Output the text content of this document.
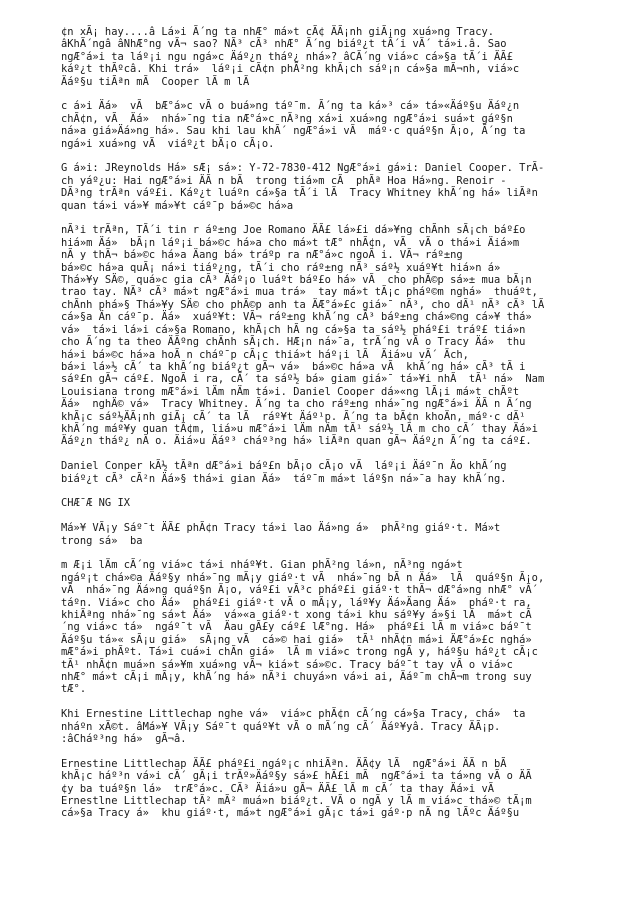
¢n xÃ¡ hay....â Lá»i Ã´ng ta nhÆ° má»t cÃ¢ ÄÃ¡nh giÃ¡ng xuá»ng Tracy.
âKhÃ´ngâ âNhÆ°ng vÃ¬ sao? NÃ³ cÃ³ nhÆ° Ã´ng biáº¿t tÃ´i vÃ´ tá»i.â. Sao
ngÆ°á»i ta láº¡i ngu ngá»c Äáº¿n tháº¿ nhá»? âCÃ´ng viá»c cá»§a tÃ´i ÄÃ£
káº¿t thÃºcâ. Khi trá»  láº¡i cÃ¢n phÃ²ng khÃ¡ch sáº¡n cá»§a mÃ¬nh, viá»c
Äáº§u tiÃªn mÃ  Cooper lÃ m lÃ

c á»i Äá»  vÃ  bÆ°á»c vÃ o buá»ng táº¯m. Ã´ng ta ká»³ cá» tá»«Äáº§u Äáº¿n
chÃ¢n, vÃ  Äá»  nhá»¯ng tia nÆ°á»c nÃ³ng xá»i xuá»ng ngÆ°á»i suá»t gáº§n
ná»a giá»Äá»ng há». Sau khi lau khÃ´ ngÆ°á»i vÃ  máº·c quáº§n Ã¡o, Ã´ng ta
ngá»i xuá»ng vÃ  viáº¿t bÃ¡o cÃ¡o.

G á»i: JReynolds Há» sÆ¡ sá»: Y-72-7830-412 NgÆ°á»i gá»i: Daniel Cooper. TrÃ-
ch yáº¿u: Hai ngÆ°á»i ÄÃ n bÃ  trong tiá»m cÃ  phÃª Hoa Há»ng. Renoir -
DÃ³ng trÃªn váº£i. Káº¿t luáºn cá»§a tÃ´i lÃ  Tracy Whitney khÃ´ng há» liÃªn
quan tá»i vá»¥ má»¥t cáº¯p bá»©c há»a

nÃ³i trÃªn, TÃ´i tin r áº±ng Joe Romano ÄÃ£ lá»£i dá»¥ng chÃnh sÃ¡ch báº£o
hiá»m Äá»  bÃ¡n láº¡i bá»©c há»a cho má»t tÆ° nhÃ¢n, vÃ  vÃ o thá»i Äiá»m
nÃ y thÃ¬ bá»©c há»a Äang bá» tráºp ra nÆ°á»c ngoÃ i. VÃ¬ ráº±ng
bá»©c há»a quÃ¡ ná»i tiáº¿ng, tÃ´i cho ráº±ng nÃ³ sáº½ xuáº¥t hiá»n á»
Thá»¥y SÄ©, quá»c gia cÃ³ Äáº¡o luáºt báº£o há» vÃ  cho phÃ©p sá»± mua bÃ¡n
trao tay. NÃ³ cÃ³ má»t ngÆ°á»i mua trá»  tay má»t tÃ¡c pháº©m nghá»  thuáºt,
chÃnh phá»§ Thá»¥y SÄ© cho phÃ©p anh ta ÄÆ°á»£c giá»¯ nÃ³, cho dÃ¹ nÃ³ cÃ³ lÃ
cá»§a Än cáº¯p. Äá»  xuáº¥t: VÃ¬ ráº±ng khÃ´ng cÃ³ báº±ng chá»©ng cá»¥ thá»
vá»  tá»i lá»i cá»§a Romano, khÃ¡ch hÃ ng cá»§a ta sáº½ pháº£i tráº£ tiá»n
cho Ã´ng ta theo ÄÃºng chÃnh sÃ¡ch. HÆ¡n ná»¯a, trÃ´ng vÃ o Tracy Äá»  thu
há»i bá»©c há»a hoÃ n cháº¯p cÃ¡c thiá»t háº¡i lÃ  Äiá»u vÃ´ Ãch,
bá»i lá»½ cÃ´ ta khÃ´ng biáº¿t gÃ¬ vá»  bá»©c há»a vÃ  khÃ´ng há» cÃ³ tÃ i
sáº£n gÃ¬ cáº£. NgoÃ i ra, cÃ´ ta sáº½ bá» giam giá»¯ tá»¥i nhÃ  tÃ¹ ná»  Nam
Louisiana trong mÆ°á»i lÄm nÄm tá»i. Daniel Cooper dá»«ng lÃ¡i má»t chÃºt
Äá»  nghÄ© vá»  Tracy Whitney. Ã´ng ta cho ráº±ng nhá»¯ng ngÆ°á»i ÄÃ n Ã´ng
khÃ¡c sáº½ÄÃ¡nh giÃ¡ cÃ´ ta lÃ  ráº¥t Äáº¹p. Ã´ng ta bÃ¢n khoÄn, máº·c dÃ¹
khÃ´ng máº¥y quan tÃ¢m, liá»u mÆ°á»i lÄm nÄm tÃ¹ sáº½ lÃ m cho cÃ´ thay Äá»i
Äáº¿n tháº¿ nÃ o. Äiá»u Äáº³ cháº³ng há» liÃªn quan gÃ¬ Äáº¿n Ã´ng ta cáº£.

Daniel Conper kÃ½ tÃªn dÆ°á»i báº£n bÃ¡o cÃ¡o vÃ  láº¡i Äáº¯n Äo khÃ´ng
biáº¿t cÃ³ cÃ²n Äá»§ thá»i gian Äá»  táº¯m má»t láº§n ná»¯a hay khÃ´ng.

CHÆ¯Æ NG IX

Má»¥ VÃ¡y Sáº¯t ÄÃ£ phÃ¢n Tracy tá»i lao Äá»ng á»  phÃ²ng giáº·t. Má»t
trong sá»  ba

m Æ¡i lÄm cÃ´ng viá»c tá»i nháº¥t. Gian phÃ²ng lá»n, nÃ³ng ngá»t
ngáº¡t chá»©a Äáº§y nhá»¯ng mÃ¡y giáº·t vÃ  nhá»¯ng bÃ n Äá»  lÃ  quáº§n Ã¡o,
vÃ  nhá»¯ng Äá»ng quáº§n Ã¡o, váº£i vÃ³c pháº£i giáº·t thÃ¬ dÆ°á»ng nhÆ° vÃ´
táºn. Viá»c cho Äá»  pháº£i giáº·t vÃ o mÃ¡y, láº¥y Äá»Äang Äá»  pháº·t ra,
khiÃªng nhá»¯ng sá»t Äá»  vá»«a giáº·t xong tá»i khu sáº¥y á»§i lÃ  má»t cÃ
´ng viá»c tá»  ngáº¯t vÃ  Äau gÃ£y cáº£ lÆ°ng. Há»  pháº£i lÃ m viá»c báº¯t
Äáº§u tá»« sÃ¡u giá»  sÃ¡ng vÃ  cá»© hai giá»  tÃ¹ nhÃ¢n má»i ÄÆ°á»£c nghá»
mÆ°á»i phÃºt. Tá»i cuá»i chÃn giá»  lÃ m viá»c trong ngÃ y, háº§u háº¿t cÃ¡c
tÃ¹ nhÃ¢n muá»n sá»¥m xuá»ng vÃ¬ kiá»t sá»©c. Tracy báº¯t tay vÃ o viá»c
nhÆ° má»t cÃ¡i mÃ¡y, khÃ´ng há» nÃ³i chuyá»n vá»i ai, Äáº¯m chÃ¬m trong suy
tÆ°.

Khi Ernestine Littlechap nghe vá»  viá»c phÃ¢n cÃ´ng cá»§a Tracy, chá»  ta
nháºn xÃ©t. âMá»¥ VÃ¡y Sáº¯t quáº¥t vÃ o mÃ´ng cÃ´ Äáº¥yâ. Tracy ÄÃ¡p.
:âCháº³ng há»  gÃ¬â.

Ernestine Littlechap ÄÃ£ pháº£i ngáº¡c nhiÃªn. ÄÃ¢y lÃ  ngÆ°á»i ÄÃ n bÃ
khÃ¡c háº³n vá»i cÃ´ gÃ¡i trÃº»Äáº§y sá»£ hÃ£i mÃ  ngÆ°á»i ta tá»ng vÃ o ÄÃ
¢y ba tuáº§n lá»  trÆ°á»c. CÃ³ Äiá»u gÃ¬ ÄÃ£ lÃ m cÃ´ ta thay Äá»i vÃ
Ernestlne Littlechap tÃ² mÃ² muá»n biáº¿t. VÃ o ngÃ y lÃ m viá»c thá»© tÃ¡m
cá»§a Tracy á»  khu giáº·t, má»t ngÆ°á»i gÃ¡c tá»i gáº·p nÃ ng lÃºc Äáº§u
